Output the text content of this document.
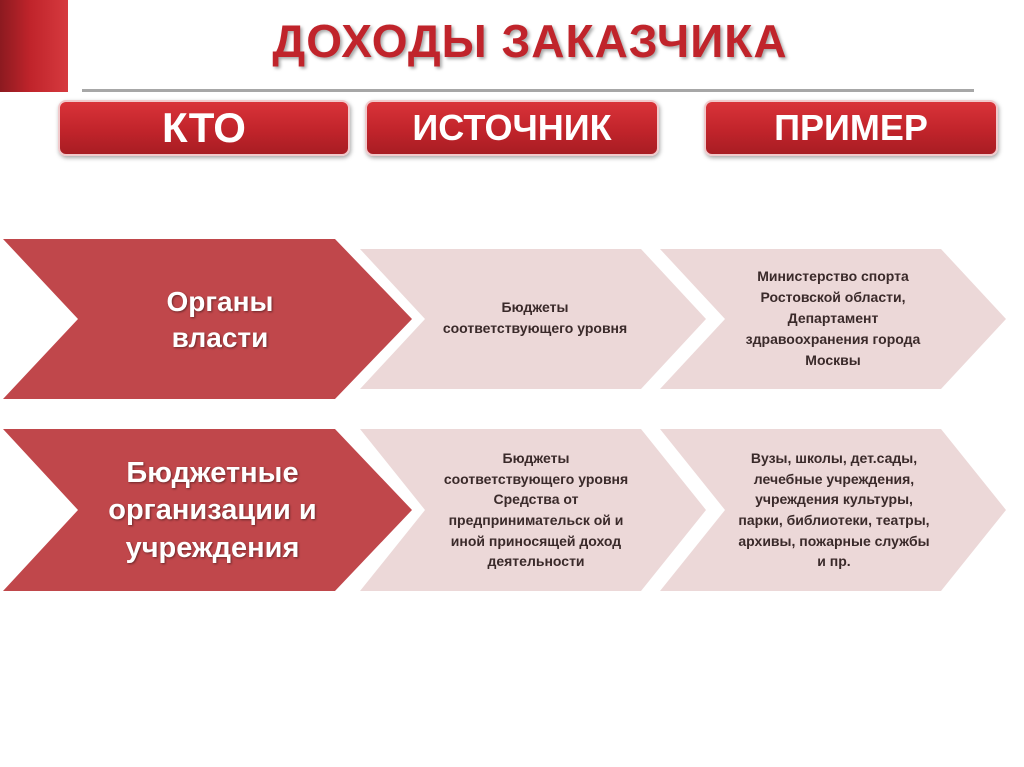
ДОХОДЫ ЗАКАЗЧИКА
КТО	ИСТОЧНИК	ПРИМЕР
Органы власти
Бюджеты соответствующего уровня
Министерство спорта Ростовской области, Департамент здравоохранения города Москвы
Бюджетные организации и учреждения
Бюджеты соответствующего уровня Средства от предпринимательск ой и иной приносящей доход деятельности
Вузы, школы, дет.сады, лечебные учреждения, учреждения культуры, парки, библиотеки, театры, архивы, пожарные службы и пр.
